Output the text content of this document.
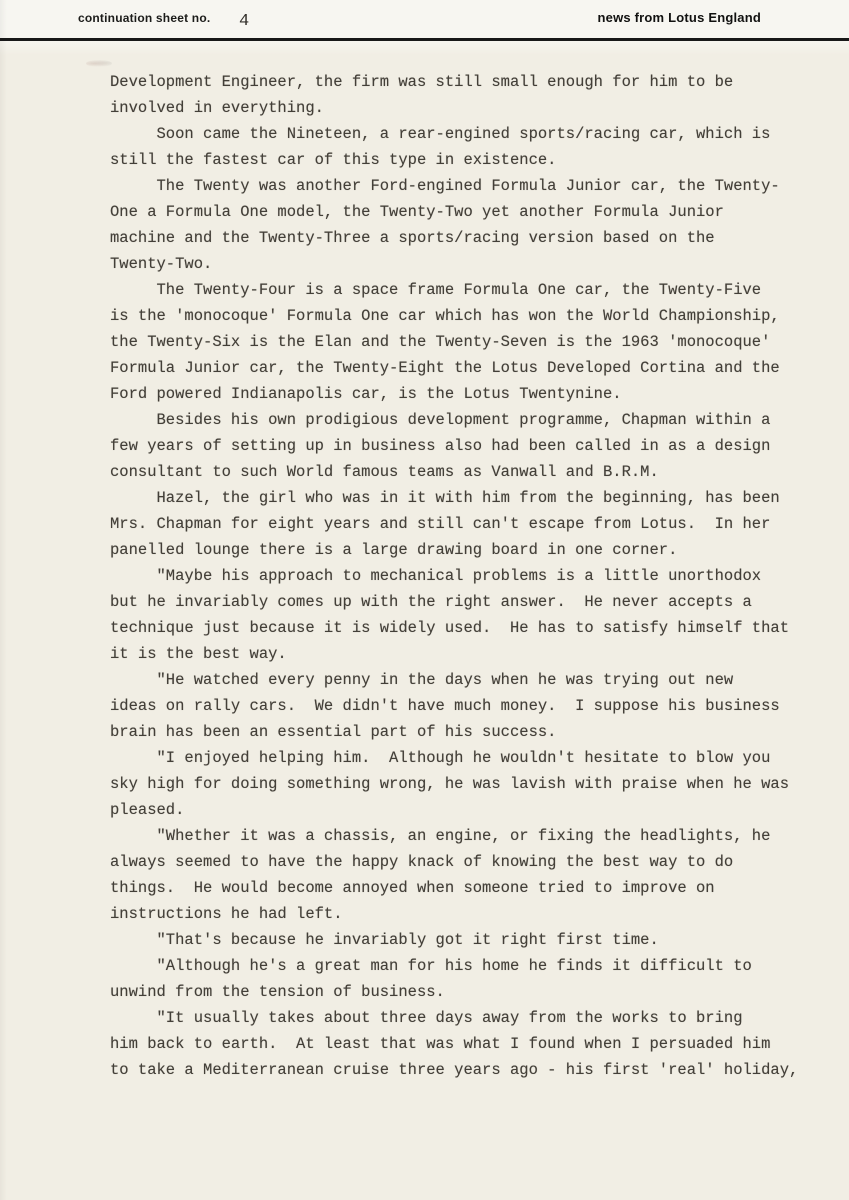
continuation sheet no. 4	news from Lotus England
Development Engineer, the firm was still small enough for him to be
involved in everything.
Soon came the Nineteen, a rear-engined sports/racing car, which is
still the fastest car of this type in existence.
The Twenty was another Ford-engined Formula Junior car, the Twenty-
One a Formula One model, the Twenty-Two yet another Formula Junior
machine and the Twenty-Three a sports/racing version based on the
Twenty-Two.
The Twenty-Four is a space frame Formula One car, the Twenty-Five
is the 'monocoque' Formula One car which has won the World Championship,
the Twenty-Six is the Elan and the Twenty-Seven is the 1963 'monocoque'
Formula Junior car, the Twenty-Eight the Lotus Developed Cortina and the
Ford powered Indianapolis car, is the Lotus Twentynine.
Besides his own prodigious development programme, Chapman within a
few years of setting up in business also had been called in as a design
consultant to such World famous teams as Vanwall and B.R.M.
Hazel, the girl who was in it with him from the beginning, has been
Mrs. Chapman for eight years and still can't escape from Lotus.  In her
panelled lounge there is a large drawing board in one corner.
"Maybe his approach to mechanical problems is a little unorthodox
but he invariably comes up with the right answer.  He never accepts a
technique just because it is widely used.  He has to satisfy himself that
it is the best way.
"He watched every penny in the days when he was trying out new
ideas on rally cars.  We didn't have much money.  I suppose his business
brain has been an essential part of his success.
"I enjoyed helping him.  Although he wouldn't hesitate to blow you
sky high for doing something wrong, he was lavish with praise when he was
pleased.
"Whether it was a chassis, an engine, or fixing the headlights, he
always seemed to have the happy knack of knowing the best way to do
things.  He would become annoyed when someone tried to improve on
instructions he had left.
"That's because he invariably got it right first time.
"Although he's a great man for his home he finds it difficult to
unwind from the tension of business.
"It usually takes about three days away from the works to bring
him back to earth.  At least that was what I found when I persuaded him
to take a Mediterranean cruise three years ago - his first 'real' holiday,
